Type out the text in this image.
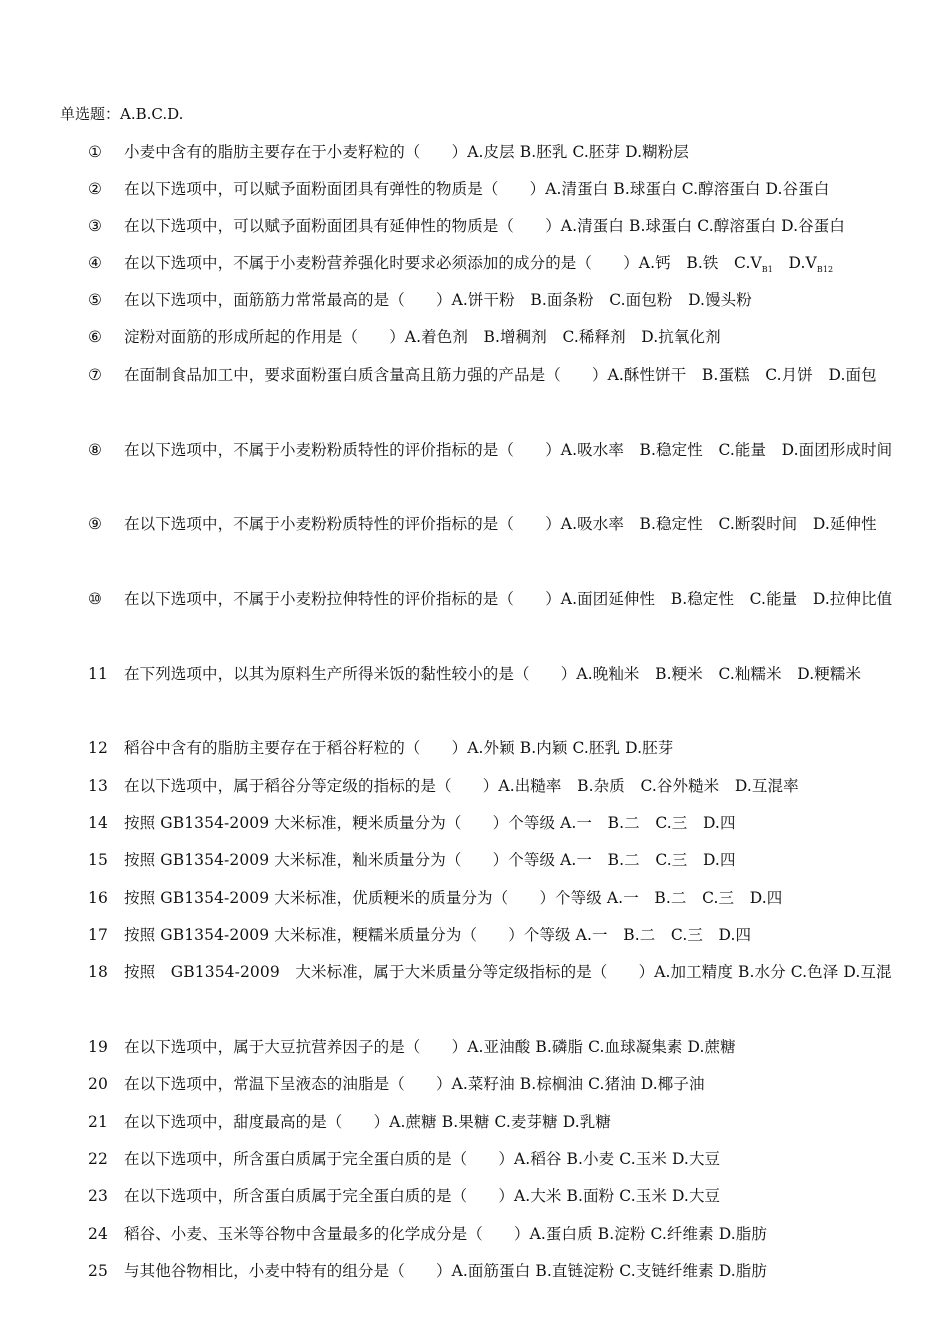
单选题：A.B.C.D.

① 小麦中含有的脂肪主要存在于小麦籽粒的（　　）A.皮层 B.胚乳 C.胚芽 D.糊粉层

② 在以下选项中，可以赋予面粉面团具有弹性的物质是（　　）A.清蛋白 B.球蛋白 C.醇溶蛋白 D.谷蛋白

③ 在以下选项中，可以赋予面粉面团具有延伸性的物质是（　　）A.清蛋白 B.球蛋白 C.醇溶蛋白 D.谷蛋白

④ 在以下选项中，不属于小麦粉营养强化时要求必须添加的成分的是（　　）A.钙　B.铁　$C.V_{B1}$　$D.V_{B12}$

⑤ 在以下选项中，面筋筋力常常最高的是（　　）A.饼干粉　B.面条粉　C.面包粉　D.馒头粉

⑥ 淀粉对面筋的形成所起的作用是（　　）A.着色剂　B.增稠剂　C.稀释剂　D.抗氧化剂

⑦ 在面制食品加工中，要求面粉蛋白质含量高且筋力强的产品是（　　）A.酥性饼干　B.蛋糕　C.月饼　D.面包

⑧ 在以下选项中，不属于小麦粉粉质特性的评价指标的是（　　）A.吸水率　B.稳定性　C.能量　D.面团形成时间

⑨ 在以下选项中，不属于小麦粉粉质特性的评价指标的是（　　）A.吸水率　B.稳定性　C.断裂时间　D.延伸性

⑩ 在以下选项中，不属于小麦粉拉伸特性的评价指标的是（　　）A.面团延伸性　B.稳定性　C.能量　D.拉伸比值

11 在下列选项中，以其为原料生产所得米饭的黏性较小的是（　　）A.晚籼米　B.粳米　C.籼糯米　D.粳糯米

12 稻谷中含有的脂肪主要存在于稻谷籽粒的（　　）A.外颖 B.内颖 C.胚乳 D.胚芽

13 在以下选项中，属于稻谷分等定级的指标的是（　　）A.出糙率　B.杂质　C.谷外糙米　D.互混率

14 按照 GB1354-2009 大米标准，粳米质量分为（　　）个等级 A.一　B.二　C.三　D.四

15 按照 GB1354-2009 大米标准，籼米质量分为（　　）个等级 A.一　B.二　C.三　D.四

16 按照 GB1354-2009 大米标准，优质粳米的质量分为（　　）个等级 A.一　B.二　C.三　D.四

17 按照 GB1354-2009 大米标准，粳糯米质量分为（　　）个等级 A.一　B.二　C.三　D.四

18 按照　GB1354-2009　大米标准，属于大米质量分等定级指标的是（　　）A.加工精度 B.水分 C.色泽 D.互混

19 在以下选项中，属于大豆抗营养因子的是（　　）A.亚油酸 B.磷脂 C.血球凝集素 D.蔗糖

20 在以下选项中，常温下呈液态的油脂是（　　）A.菜籽油 B.棕榈油 C.猪油 D.椰子油

21 在以下选项中，甜度最高的是（　　）A.蔗糖 B.果糖 C.麦芽糖 D.乳糖

22 在以下选项中，所含蛋白质属于完全蛋白质的是（　　）A.稻谷 B.小麦 C.玉米 D.大豆

23 在以下选项中，所含蛋白质属于完全蛋白质的是（　　）A.大米 B.面粉 C.玉米 D.大豆

24 稻谷、小麦、玉米等谷物中含量最多的化学成分是（　　）A.蛋白质 B.淀粉 C.纤维素 D.脂肪

25 与其他谷物相比，小麦中特有的组分是（　　）A.面筋蛋白 B.直链淀粉 C.支链纤维素 D.脂肪
